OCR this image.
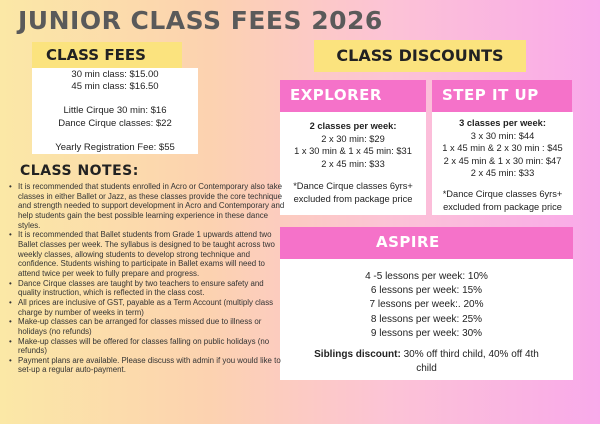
JUNIOR CLASS FEES 2026
CLASS FEES
30 min class: $15.00
45 min class: $16.50
Little Cirque 30 min: $16
Dance Cirque classes: $22
Yearly Registration Fee: $55
CLASS DISCOUNTS
EXPLORER
2 classes per week:
2 x 30 min: $29
1 x 30 min & 1 x 45 min: $31
2 x 45 min: $33
*Dance Cirque classes 6yrs+ excluded from package price
STEP IT UP
3 classes per week:
3 x 30 min: $44
1 x 45 min & 2 x 30 min : $45
2 x 45 min & 1 x 30 min: $47
2 x 45 min: $33
*Dance Cirque classes 6yrs+ excluded from package price
ASPIRE
4 -5 lessons per week: 10%
6 lessons per week: 15%
7 lessons per week:. 20%
8 lessons per week: 25%
9 lessons per week: 30%
Siblings discount: 30% off third child, 40% off 4th child
CLASS NOTES:
• It is recommended that students enrolled in Acro or Contemporary also take classes in either Ballet or Jazz, as these classes provide the core technique and strength needed to support development in Acro and Contemporary and help students gain the best possible learning experience in these dance styles.
• It is recommended that Ballet students from Grade 1 upwards attend two Ballet classes per week. The syllabus is designed to be taught across two weekly classes, allowing students to develop strong technique and confidence. Students wishing to participate in Ballet exams will need to attend twice per week to fully prepare and progress.
• Dance Cirque classes are taught by two teachers to ensure safety and quality instruction, which is reflected in the class cost.
• All prices are inclusive of GST, payable as a Term Account (multiply class charge by number of weeks in term)
• Make-up classes can be arranged for classes missed due to illness or holidays (no refunds)
• Make-up classes will be offered for classes falling on public holidays (no refunds)
• Payment plans are available. Please discuss with admin if you would like to set-up a regular auto-payment.
